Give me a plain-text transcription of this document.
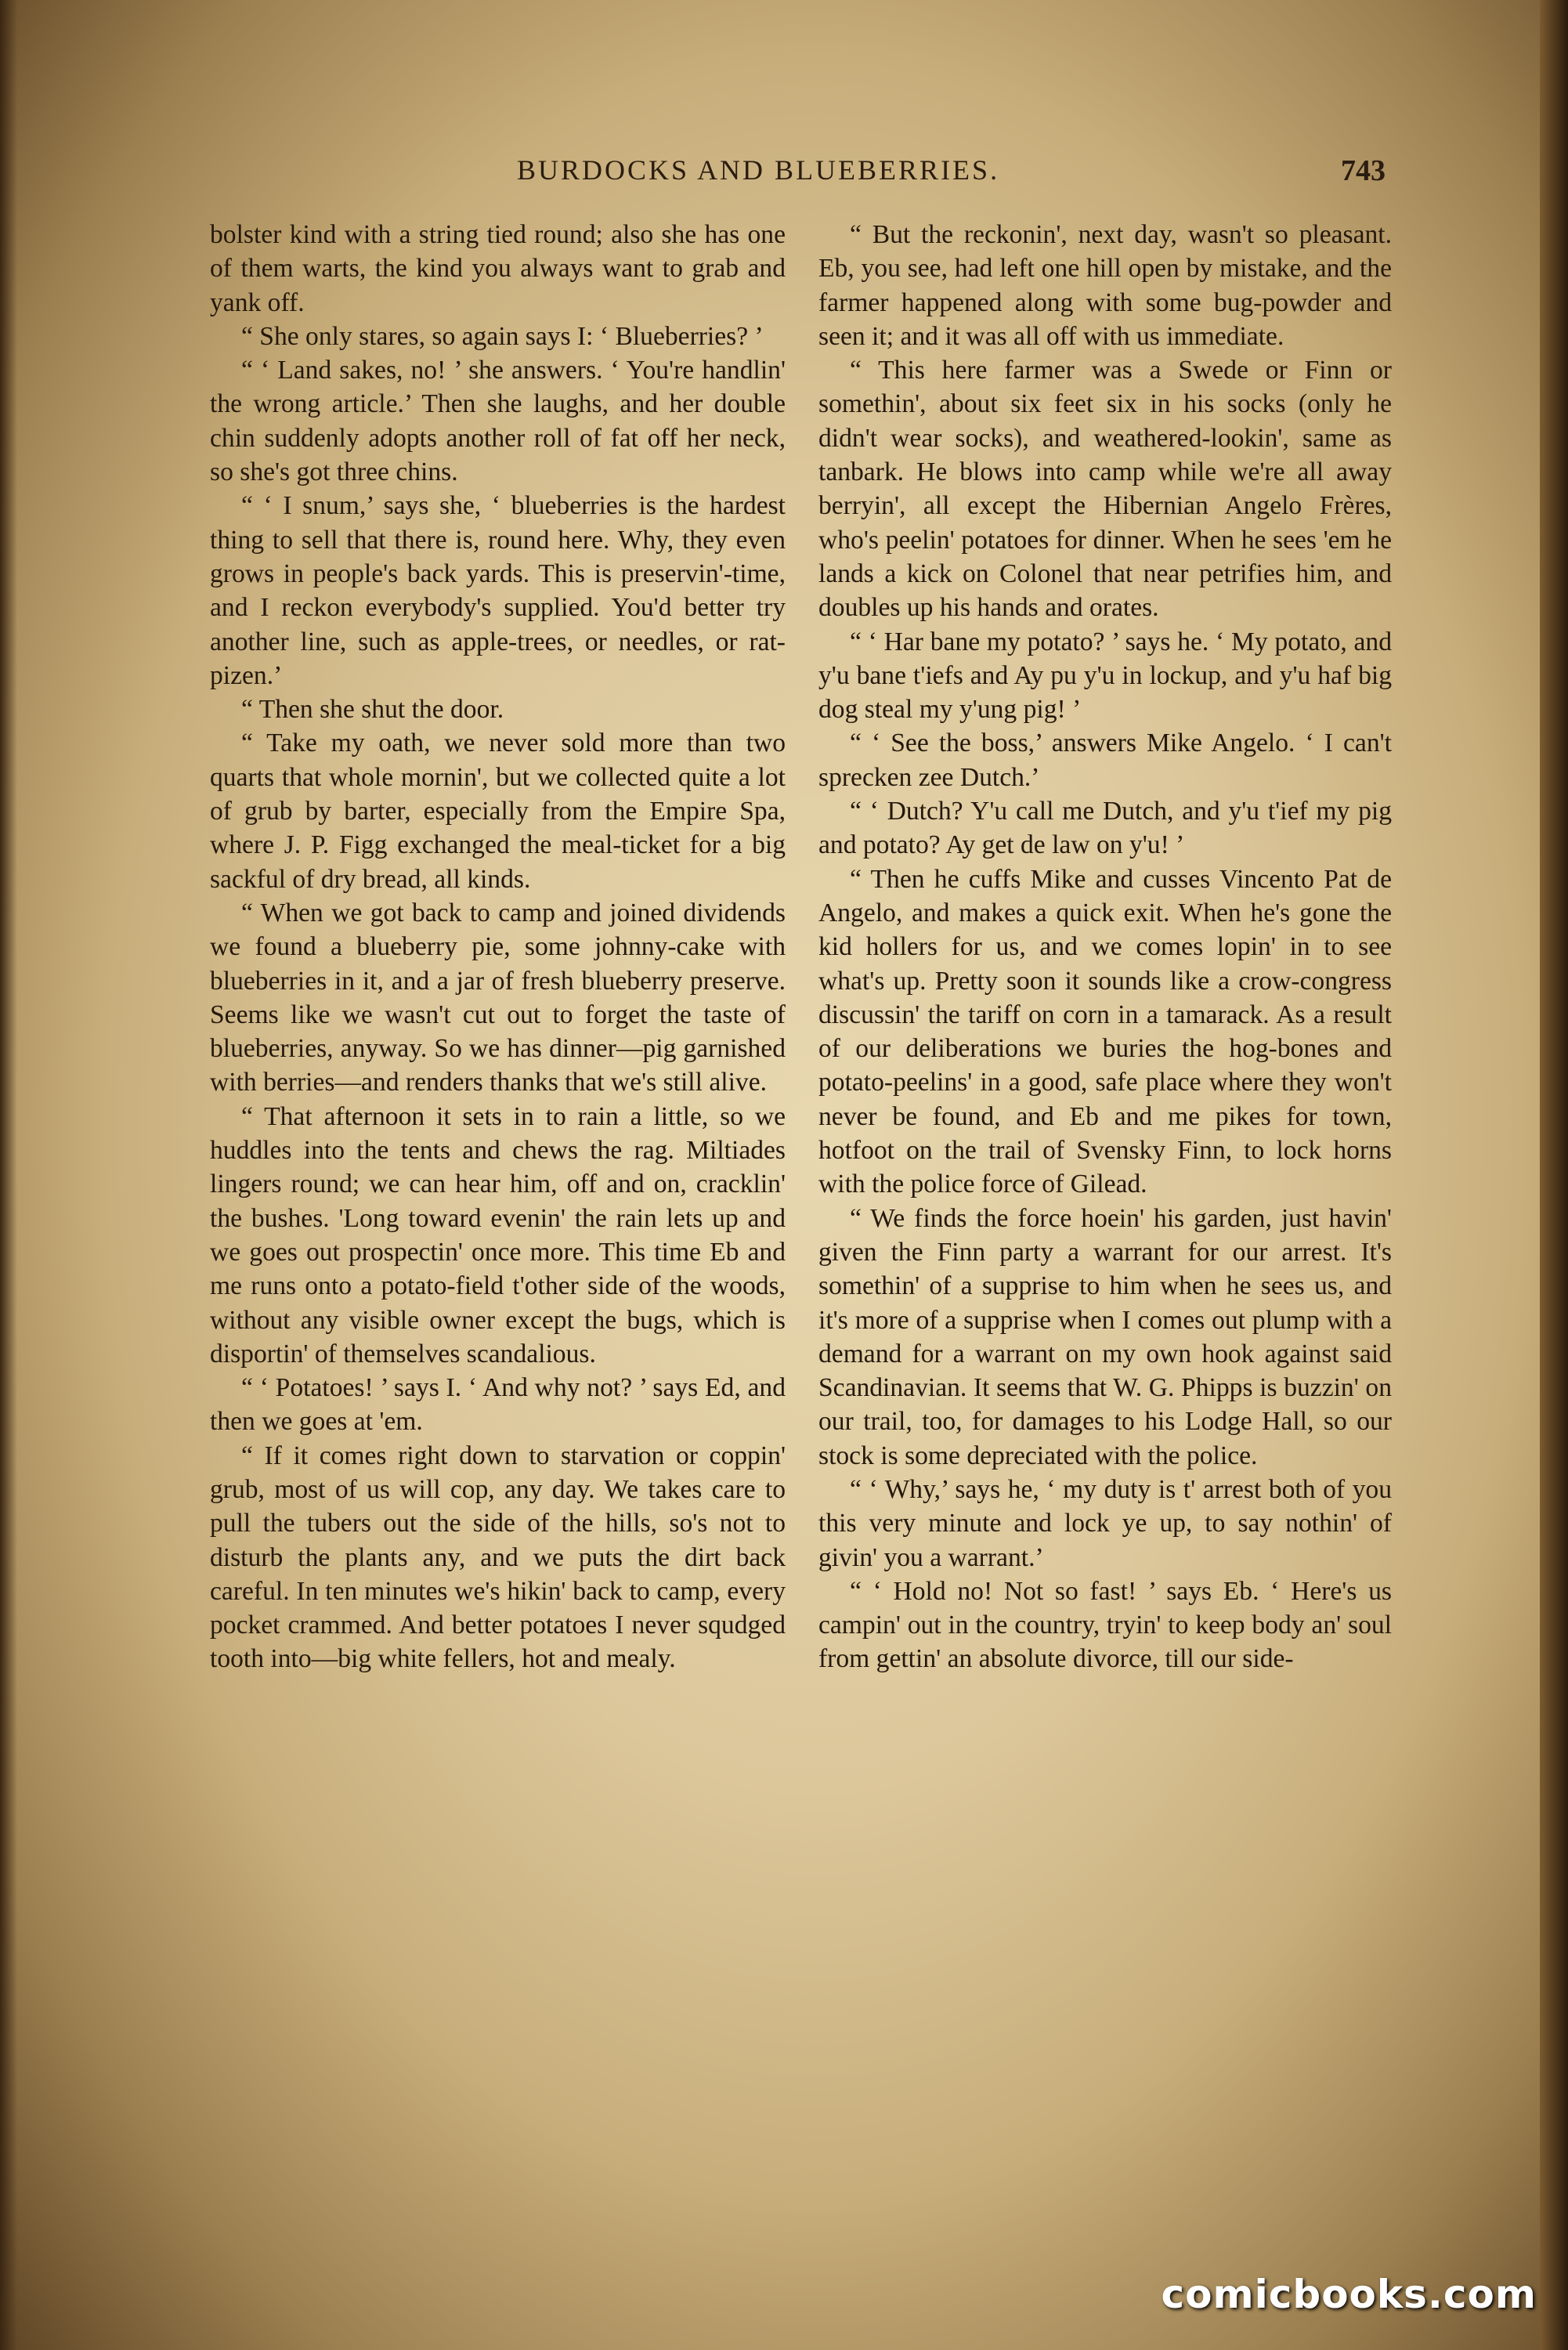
BURDOCKS AND BLUEBERRIES.	743

bolster kind with a string tied round; also she has one of them warts, the kind you always want to grab and yank off.

“ She only stares, so again says I: ‘ Blueberries? ’

“ ‘ Land sakes, no! ’ she answers. ‘ You're handlin' the wrong article.’ Then she laughs, and her double chin suddenly adopts another roll of fat off her neck, so she's got three chins.

“ ‘ I snum,’ says she, ‘ blueberries is the hardest thing to sell that there is, round here. Why, they even grows in people's back yards. This is preservin'-time, and I reckon everybody's supplied. You'd better try another line, such as apple-trees, or needles, or rat-pizen.’

“ Then she shut the door.

“ Take my oath, we never sold more than two quarts that whole mornin', but we collected quite a lot of grub by barter, especially from the Empire Spa, where J. P. Figg exchanged the meal-ticket for a big sackful of dry bread, all kinds.

“ When we got back to camp and joined dividends we found a blueberry pie, some johnny-cake with blueberries in it, and a jar of fresh blueberry preserve. Seems like we wasn't cut out to forget the taste of blueberries, anyway. So we has dinner—pig garnished with berries—and renders thanks that we's still alive.

“ That afternoon it sets in to rain a little, so we huddles into the tents and chews the rag. Miltiades lingers round; we can hear him, off and on, cracklin' the bushes. 'Long toward evenin' the rain lets up and we goes out prospectin' once more. This time Eb and me runs onto a potato-field t'other side of the woods, without any visible owner except the bugs, which is disportin' of themselves scandalious.

“ ‘ Potatoes! ’ says I. ‘ And why not? ’ says Ed, and then we goes at 'em.

“ If it comes right down to starvation or coppin' grub, most of us will cop, any day. We takes care to pull the tubers out the side of the hills, so's not to disturb the plants any, and we puts the dirt back careful. In ten minutes we's hikin' back to camp, every pocket crammed. And better potatoes I never squdged tooth into—big white fellers, hot and mealy.

“ But the reckonin', next day, wasn't so pleasant. Eb, you see, had left one hill open by mistake, and the farmer happened along with some bug-powder and seen it; and it was all off with us immediate.

“ This here farmer was a Swede or Finn or somethin', about six feet six in his socks (only he didn't wear socks), and weathered-lookin', same as tanbark. He blows into camp while we're all away berryin', all except the Hibernian Angelo Frères, who's peelin' potatoes for dinner. When he sees 'em he lands a kick on Colonel that near petrifies him, and doubles up his hands and orates.

“ ‘ Har bane my potato? ’ says he. ‘ My potato, and y'u bane t'iefs and Ay pu y'u in lockup, and y'u haf big dog steal my y'ung pig! ’

“ ‘ See the boss,’ answers Mike Angelo. ‘ I can't sprecken zee Dutch.’

“ ‘ Dutch? Y'u call me Dutch, and y'u t'ief my pig and potato? Ay get de law on y'u! ’

“ Then he cuffs Mike and cusses Vincento Pat de Angelo, and makes a quick exit. When he's gone the kid hollers for us, and we comes lopin' in to see what's up. Pretty soon it sounds like a crow-congress discussin' the tariff on corn in a tamarack. As a result of our deliberations we buries the hog-bones and potato-peelins' in a good, safe place where they won't never be found, and Eb and me pikes for town, hotfoot on the trail of Svensky Finn, to lock horns with the police force of Gilead.

“ We finds the force hoein' his garden, just havin' given the Finn party a warrant for our arrest. It's somethin' of a supprise to him when he sees us, and it's more of a supprise when I comes out plump with a demand for a warrant on my own hook against said Scandinavian. It seems that W. G. Phipps is buzzin' on our trail, too, for damages to his Lodge Hall, so our stock is some depreciated with the police.

“ ‘ Why,’ says he, ‘ my duty is t' arrest both of you this very minute and lock ye up, to say nothin' of givin' you a warrant.’

“ ‘ Hold no! Not so fast! ’ says Eb. ‘ Here's us campin' out in the country, tryin' to keep body an' soul from gettin' an absolute divorce, till our side-

comicbooks.com
